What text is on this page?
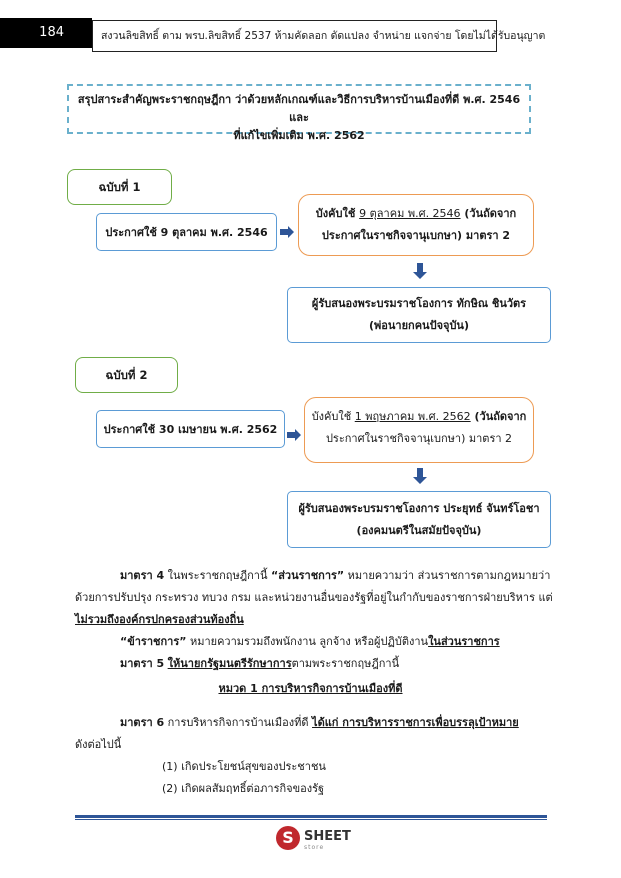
184	สงวนลิขสิทธิ์ ตาม พรบ.ลิขสิทธิ์ 2537 ห้ามคัดลอก ดัดแปลง จำหน่าย แจกจ่าย โดยไม่ได้รับอนุญาต
สรุปสาระสำคัญพระราชกฤษฎีกา ว่าด้วยหลักเกณฑ์และวิธีการบริหารบ้านเมืองที่ดี พ.ศ. 2546 และ
ที่แก้ไขเพิ่มเติม พ.ศ. 2562
ฉบับที่ 1
ประกาศใช้ 9 ตุลาคม พ.ศ. 2546
บังคับใช้ 9 ตุลาคม พ.ศ. 2546 (วันถัดจาก
ประกาศในราชกิจจานุเบกษา) มาตรา 2
ผู้รับสนองพระบรมราชโองการ ทักษิณ ชินวัตร
(พ่อนายกคนปัจจุบัน)
ฉบับที่ 2
ประกาศใช้ 30 เมษายน พ.ศ. 2562
บังคับใช้ 1 พฤษภาคม พ.ศ. 2562 (วันถัดจาก
ประกาศในราชกิจจานุเบกษา) มาตรา 2
ผู้รับสนองพระบรมราชโองการ ประยุทธ์ จันทร์โอชา
(องคมนตรีในสมัยปัจจุบัน)
มาตรา 4 ในพระราชกฤษฎีกานี้ “ส่วนราชการ” หมายความว่า ส่วนราชการตามกฎหมายว่า
ด้วยการปรับปรุง กระทรวง ทบวง กรม และหน่วยงานอื่นของรัฐที่อยู่ในกำกับของราชการฝ่ายบริหาร แต่
ไม่รวมถึงองค์กรปกครองส่วนท้องถิ่น
“ข้าราชการ” หมายความรวมถึงพนักงาน ลูกจ้าง หรือผู้ปฏิบัติงานในส่วนราชการ
มาตรา 5 ให้นายกรัฐมนตรีรักษาการตามพระราชกฤษฎีกานี้
หมวด 1 การบริหารกิจการบ้านเมืองที่ดี
มาตรา 6 การบริหารกิจการบ้านเมืองที่ดี ได้แก่ การบริหารราชการเพื่อบรรลุเป้าหมาย
ดังต่อไปนี้
(1) เกิดประโยชน์สุขของประชาชน
(2) เกิดผลสัมฤทธิ์ต่อภารกิจของรัฐ
S SHEET
store
